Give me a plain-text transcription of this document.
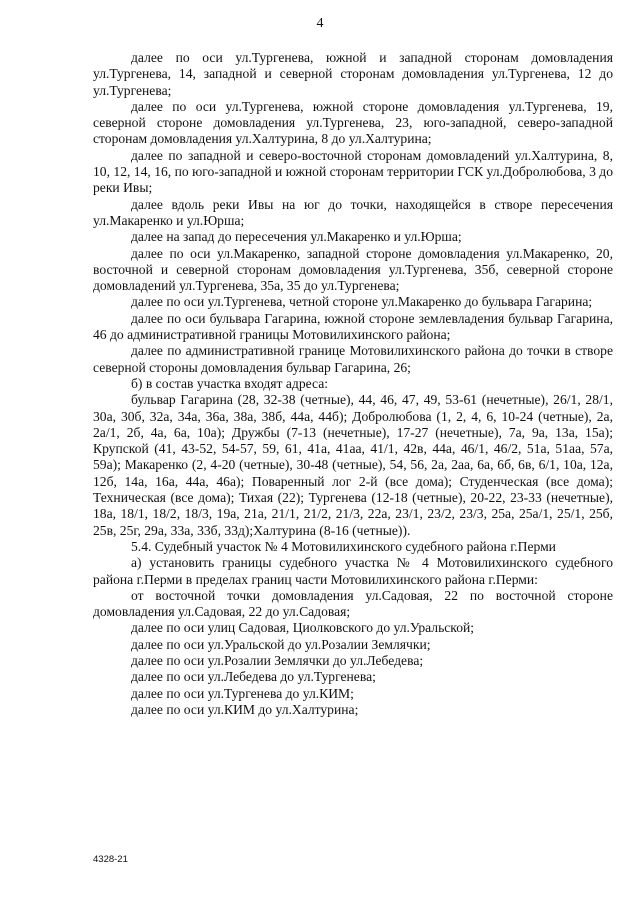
4

далее по оси ул.Тургенева, южной и западной сторонам домовладения ул.Тургенева, 14, западной и северной сторонам домовладения ул.Тургенева, 12 до ул.Тургенева;

далее по оси ул.Тургенева, южной стороне домовладения ул.Тургенева, 19, северной стороне домовладения ул.Тургенева, 23, юго-западной, северо-западной сторонам домовладения ул.Халтурина, 8 до ул.Халтурина;

далее по западной и северо-восточной сторонам домовладений ул.Халтурина, 8, 10, 12, 14, 16, по юго-западной и южной сторонам территории ГСК ул.Добролюбова, 3 до реки Ивы;

далее вдоль реки Ивы на юг до точки, находящейся в створе пересечения ул.Макаренко и ул.Юрша;

далее на запад до пересечения ул.Макаренко и ул.Юрша;

далее по оси ул.Макаренко, западной стороне домовладения ул.Макаренко, 20, восточной и северной сторонам домовладения ул.Тургенева, 35б, северной стороне домовладений ул.Тургенева, 35а, 35 до ул.Тургенева;

далее по оси ул.Тургенева, четной стороне ул.Макаренко до бульвара Гагарина;

далее по оси бульвара Гагарина, южной стороне землевладения бульвар Гагарина, 46 до административной границы Мотовилихинского района;

далее по административной границе Мотовилихинского района до точки в створе северной стороны домовладения бульвар Гагарина, 26;

б) в состав участка входят адреса:

бульвар Гагарина (28, 32-38 (четные), 44, 46, 47, 49, 53-61 (нечетные), 26/1, 28/1, 30а, 30б, 32а, 34а, 36а, 38а, 38б, 44а, 44б); Добролюбова (1, 2, 4, 6, 10-24 (четные), 2а, 2а/1, 2б, 4а, 6а, 10а); Дружбы (7-13 (нечетные), 17-27 (нечетные), 7а, 9а, 13а, 15а); Крупской (41, 43-52, 54-57, 59, 61, 41а, 41аа, 41/1, 42в, 44а, 46/1, 46/2, 51а, 51аа, 57а, 59а); Макаренко (2, 4-20 (четные), 30-48 (четные), 54, 56, 2а, 2аа, 6а, 6б, 6в, 6/1, 10а, 12а, 12б, 14а, 16а, 44а, 46а); Поваренный лог 2-й (все дома); Студенческая (все дома); Техническая (все дома); Тихая (22); Тургенева (12-18 (четные), 20-22, 23-33 (нечетные), 18а, 18/1, 18/2, 18/3, 19а, 21а, 21/1, 21/2, 21/3, 22а, 23/1, 23/2, 23/3, 25а, 25а/1, 25/1, 25б, 25в, 25г, 29а, 33а, 33б, 33д);Халтурина (8-16 (четные)).

5.4. Судебный участок № 4 Мотовилихинского судебного района г.Перми

а) установить границы судебного участка № 4 Мотовилихинского судебного района г.Перми в пределах границ части Мотовилихинского района г.Перми:

от восточной точки домовладения ул.Садовая, 22 по восточной стороне домовладения ул.Садовая, 22 до ул.Садовая;

далее по оси улиц Садовая, Циолковского до ул.Уральской;

далее по оси ул.Уральской до ул.Розалии Землячки;

далее по оси ул.Розалии Землячки до ул.Лебедева;

далее по оси ул.Лебедева до ул.Тургенева;

далее по оси ул.Тургенева до ул.КИМ;

далее по оси ул.КИМ до ул.Халтурина;

4328-21
